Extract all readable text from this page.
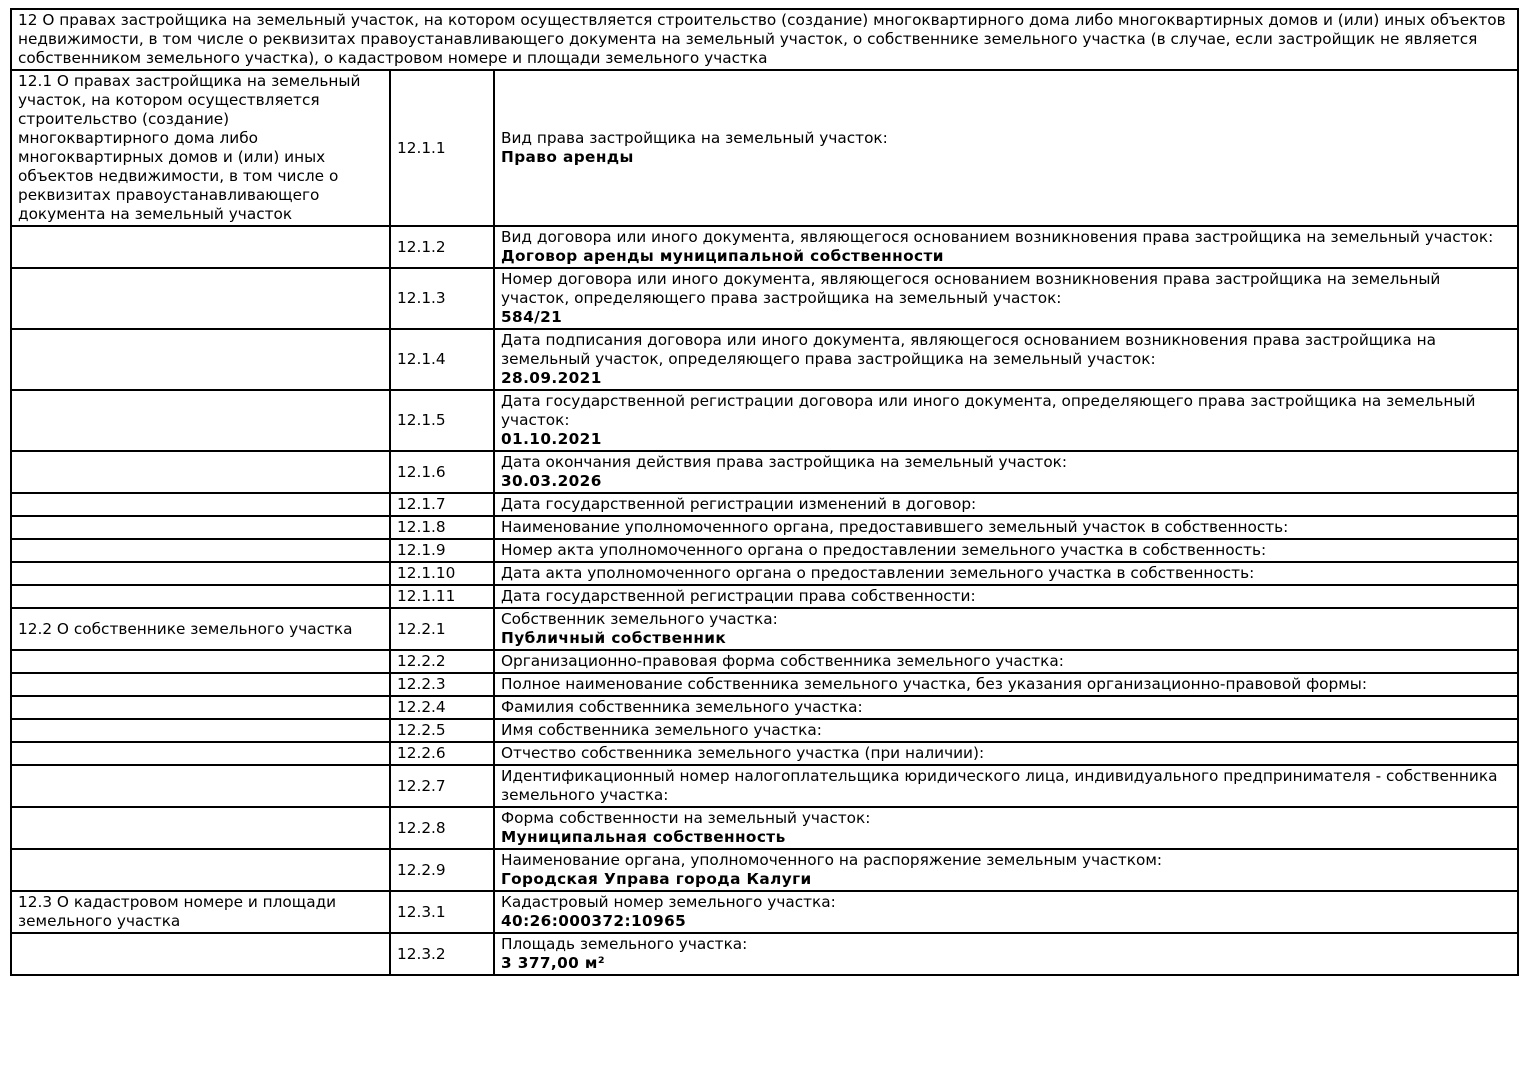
12 О правах застройщика на земельный участок, на котором осуществляется строительство (создание) многоквартирного дома либо многоквартирных домов и (или) иных объектов недвижимости, в том числе о реквизитах правоустанавливающего документа на земельный участок, о собственнике земельного участка (в случае, если застройщик не является собственником земельного участка), о кадастровом номере и площади земельного участка		

12.1 О правах застройщика на земельный участок, на котором осуществляется строительство (создание) многоквартирного дома либо многоквартирных домов и (или) иных объектов недвижимости, в том числе о реквизитах правоустанавливающего документа на земельный участок	12.1.1	Вид права застройщика на земельный участок:
Право аренды

	12.1.2	Вид договора или иного документа, являющегося основанием возникновения права застройщика на земельный участок:
Договор аренды муниципальной собственности

	12.1.3	Номер договора или иного документа, являющегося основанием возникновения права застройщика на земельный участок, определяющего права застройщика на земельный участок:
584/21

	12.1.4	Дата подписания договора или иного документа, являющегося основанием возникновения права застройщика на земельный участок, определяющего права застройщика на земельный участок:
28.09.2021

	12.1.5	Дата государственной регистрации договора или иного документа, определяющего права застройщика на земельный участок:
01.10.2021

	12.1.6	Дата окончания действия права застройщика на земельный участок:
30.03.2026

	12.1.7	Дата государственной регистрации изменений в договор:

	12.1.8	Наименование уполномоченного органа, предоставившего земельный участок в собственность:

	12.1.9	Номер акта уполномоченного органа о предоставлении земельного участка в собственность:

	12.1.10	Дата акта уполномоченного органа о предоставлении земельного участка в собственность:

	12.1.11	Дата государственной регистрации права собственности:

12.2 О собственнике земельного участка	12.2.1	Собственник земельного участка:
Публичный собственник

	12.2.2	Организационно-правовая форма собственника земельного участка:

	12.2.3	Полное наименование собственника земельного участка, без указания организационно-правовой формы:

	12.2.4	Фамилия собственника земельного участка:

	12.2.5	Имя собственника земельного участка:

	12.2.6	Отчество собственника земельного участка (при наличии):

	12.2.7	Идентификационный номер налогоплательщика юридического лица, индивидуального предпринимателя - собственника земельного участка:

	12.2.8	Форма собственности на земельный участок:
Муниципальная собственность

	12.2.9	Наименование органа, уполномоченного на распоряжение земельным участком:
Городская Управа города Калуги

12.3 О кадастровом номере и площади земельного участка	12.3.1	Кадастровый номер земельного участка:
40:26:000372:10965

	12.3.2	Площадь земельного участка:
3 377,00 м²
